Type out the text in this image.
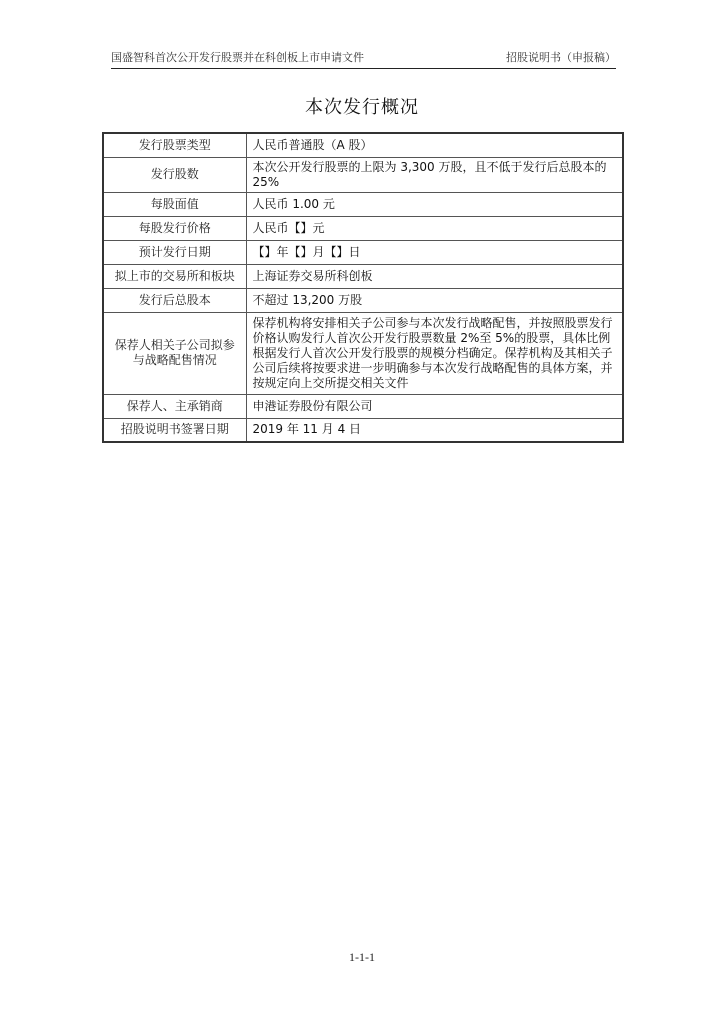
国盛智科首次公开发行股票并在科创板上市申请文件	招股说明书（申报稿）
本次发行概况
发行股票类型	人民币普通股（A 股）
发行股数	本次公开发行股票的上限为 3,300 万股，且不低于发行后总股本的 25%
每股面值	人民币 1.00 元
每股发行价格	人民币【】元
预计发行日期	【】年【】月【】日
拟上市的交易所和板块	上海证券交易所科创板
发行后总股本	不超过 13,200 万股
保荐人相关子公司拟参与战略配售情况	保荐机构将安排相关子公司参与本次发行战略配售，并按照股票发行价格认购发行人首次公开发行股票数量 2%至 5%的股票，具体比例根据发行人首次公开发行股票的规模分档确定。保荐机构及其相关子公司后续将按要求进一步明确参与本次发行战略配售的具体方案，并按规定向上交所提交相关文件
保荐人、主承销商	申港证券股份有限公司
招股说明书签署日期	2019 年 11 月 4 日
1-1-1
